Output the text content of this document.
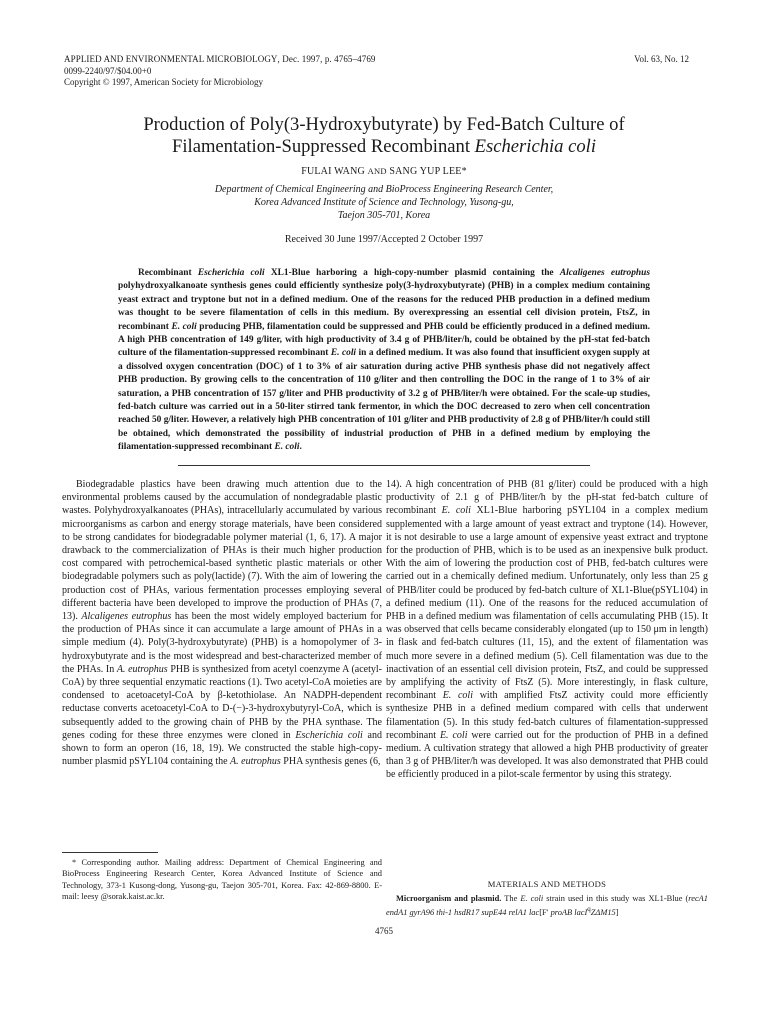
APPLIED AND ENVIRONMENTAL MICROBIOLOGY, Dec. 1997, p. 4765–4769
0099-2240/97/$04.00+0
Copyright © 1997, American Society for Microbiology
Vol. 63, No. 12
Production of Poly(3-Hydroxybutyrate) by Fed-Batch Culture of
Filamentation-Suppressed Recombinant Escherichia coli
FULAI WANG AND SANG YUP LEE*
Department of Chemical Engineering and BioProcess Engineering Research Center,
Korea Advanced Institute of Science and Technology, Yusong-gu,
Taejon 305-701, Korea
Received 30 June 1997/Accepted 2 October 1997

Recombinant Escherichia coli XL1-Blue harboring a high-copy-number plasmid containing the Alcaligenes eutrophus polyhydroxyalkanoate synthesis genes could efficiently synthesize poly(3-hydroxybutyrate) (PHB) in a complex medium containing yeast extract and tryptone but not in a defined medium. One of the reasons for the reduced PHB production in a defined medium was thought to be severe filamentation of cells in this medium. By overexpressing an essential cell division protein, FtsZ, in recombinant E. coli producing PHB, filamentation could be suppressed and PHB could be efficiently produced in a defined medium. A high PHB concentration of 149 g/liter, with high productivity of 3.4 g of PHB/liter/h, could be obtained by the pH-stat fed-batch culture of the filamentation-suppressed recombinant E. coli in a defined medium. It was also found that insufficient oxygen supply at a dissolved oxygen concentration (DOC) of 1 to 3% of air saturation during active PHB synthesis phase did not negatively affect PHB production. By growing cells to the concentration of 110 g/liter and then controlling the DOC in the range of 1 to 3% of air saturation, a PHB concentration of 157 g/liter and PHB productivity of 3.2 g of PHB/liter/h were obtained. For the scale-up studies, fed-batch culture was carried out in a 50-liter stirred tank fermentor, in which the DOC decreased to zero when cell concentration reached 50 g/liter. However, a relatively high PHB concentration of 101 g/liter and PHB productivity of 2.8 g of PHB/liter/h could still be obtained, which demonstrated the possibility of industrial production of PHB in a defined medium by employing the filamentation-suppressed recombinant E. coli.

Biodegradable plastics have been drawing much attention due to the environmental problems caused by the accumulation of nondegradable plastic wastes. Polyhydroxyalkanoates (PHAs), intracellularly accumulated by various microorganisms as carbon and energy storage materials, have been considered to be strong candidates for biodegradable polymer material (1, 6, 17). A major drawback to the commercialization of PHAs is their much higher production cost compared with petrochemical-based synthetic plastic materials or other biodegradable polymers such as poly(lactide) (7). With the aim of lowering the production cost of PHAs, various fermentation processes employing several different bacteria have been developed to improve the production of PHAs (7, 13). Alcaligenes eutrophus has been the most widely employed bacterium for the production of PHAs since it can accumulate a large amount of PHAs in a simple medium (4). Poly(3-hydroxybutyrate) (PHB) is a homopolymer of 3-hydroxybutyrate and is the most widespread and best-characterized member of the PHAs. In A. eutrophus PHB is synthesized from acetyl coenzyme A (acetyl-CoA) by three sequential enzymatic reactions (1). Two acetyl-CoA moieties are condensed to acetoacetyl-CoA by β-ketothiolase. An NADPH-dependent reductase converts acetoacetyl-CoA to D-(−)-3-hydroxybutyryl-CoA, which is subsequently added to the growing chain of PHB by the PHA synthase. The genes coding for these three enzymes were cloned in Escherichia coli and shown to form an operon (16, 18, 19). We constructed the stable high-copy-number plasmid pSYL104 containing the A. eutrophus PHA synthesis genes (6,

14). A high concentration of PHB (81 g/liter) could be produced with a high productivity of 2.1 g of PHB/liter/h by the pH-stat fed-batch culture of recombinant E. coli XL1-Blue harboring pSYL104 in a complex medium supplemented with a large amount of yeast extract and tryptone (14). However, it is not desirable to use a large amount of expensive yeast extract and tryptone for the production of PHB, which is to be used as an inexpensive bulk product. With the aim of lowering the production cost of PHB, fed-batch cultures were carried out in a chemically defined medium. Unfortunately, only less than 25 g of PHB/liter could be produced by fed-batch culture of XL1-Blue(pSYL104) in a defined medium (11). One of the reasons for the reduced accumulation of PHB in a defined medium was filamentation of cells accumulating PHB (15). It was observed that cells became considerably elongated (up to 150 μm in length) in flask and fed-batch cultures (11, 15), and the extent of filamentation was much more severe in a defined medium (5). Cell filamentation was due to the inactivation of an essential cell division protein, FtsZ, and could be suppressed by amplifying the activity of FtsZ (5). More interestingly, in flask culture, recombinant E. coli with amplified FtsZ activity could more efficiently synthesize PHB in a defined medium compared with cells that underwent filamentation (5). In this study fed-batch cultures of filamentation-suppressed recombinant E. coli were carried out for the production of PHB in a defined medium. A cultivation strategy that allowed a high PHB productivity of greater than 3 g of PHB/liter/h was developed. It was also demonstrated that PHB could be efficiently produced in a pilot-scale fermentor by using this strategy.

* Corresponding author. Mailing address: Department of Chemical Engineering and BioProcess Engineering Research Center, Korea Advanced Institute of Science and Technology, 373-1 Kusong-dong, Yusong-gu, Taejon 305-701, Korea. Fax: 42-869-8800. E-mail: leesy @sorak.kaist.ac.kr.

MATERIALS AND METHODS

Microorganism and plasmid. The E. coli strain used in this study was XL1-Blue (recA1 endA1 gyrA96 thi-1 hsdR17 supE44 relA1 lac[F′ proAB lacI$^q$ZΔM15]

4765
